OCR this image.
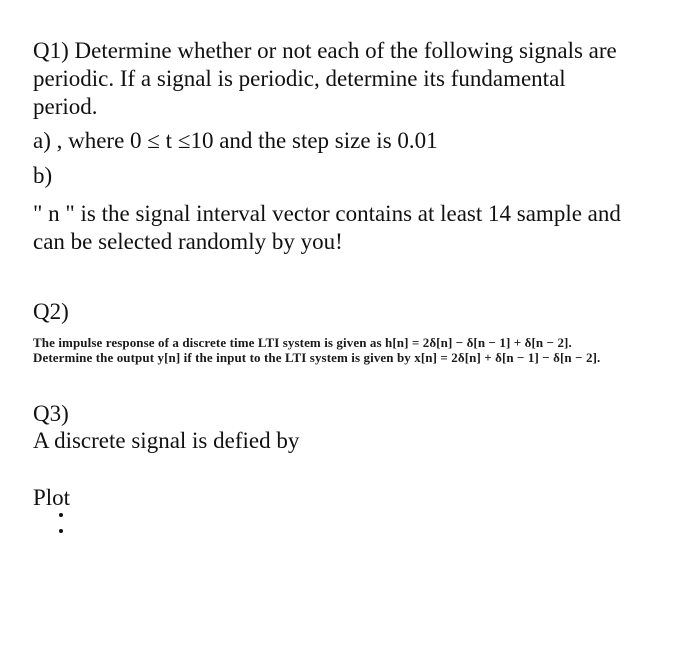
Q1) Determine whether or not each of the following signals are
periodic. If a signal is periodic, determine its fundamental
period.
a) , where 0 ≤ t ≤10 and the step size is 0.01
b)
" n " is the signal interval vector contains at least 14 sample and
can be selected randomly by you!
Q2)
The impulse response of a discrete time LTI system is given as h[n] = 2δ[n] − δ[n − 1] + δ[n − 2].
Determine the output y[n] if the input to the LTI system is given by x[n] = 2δ[n] + δ[n − 1] − δ[n − 2].
Q3)
A discrete signal is defied by
Plot
